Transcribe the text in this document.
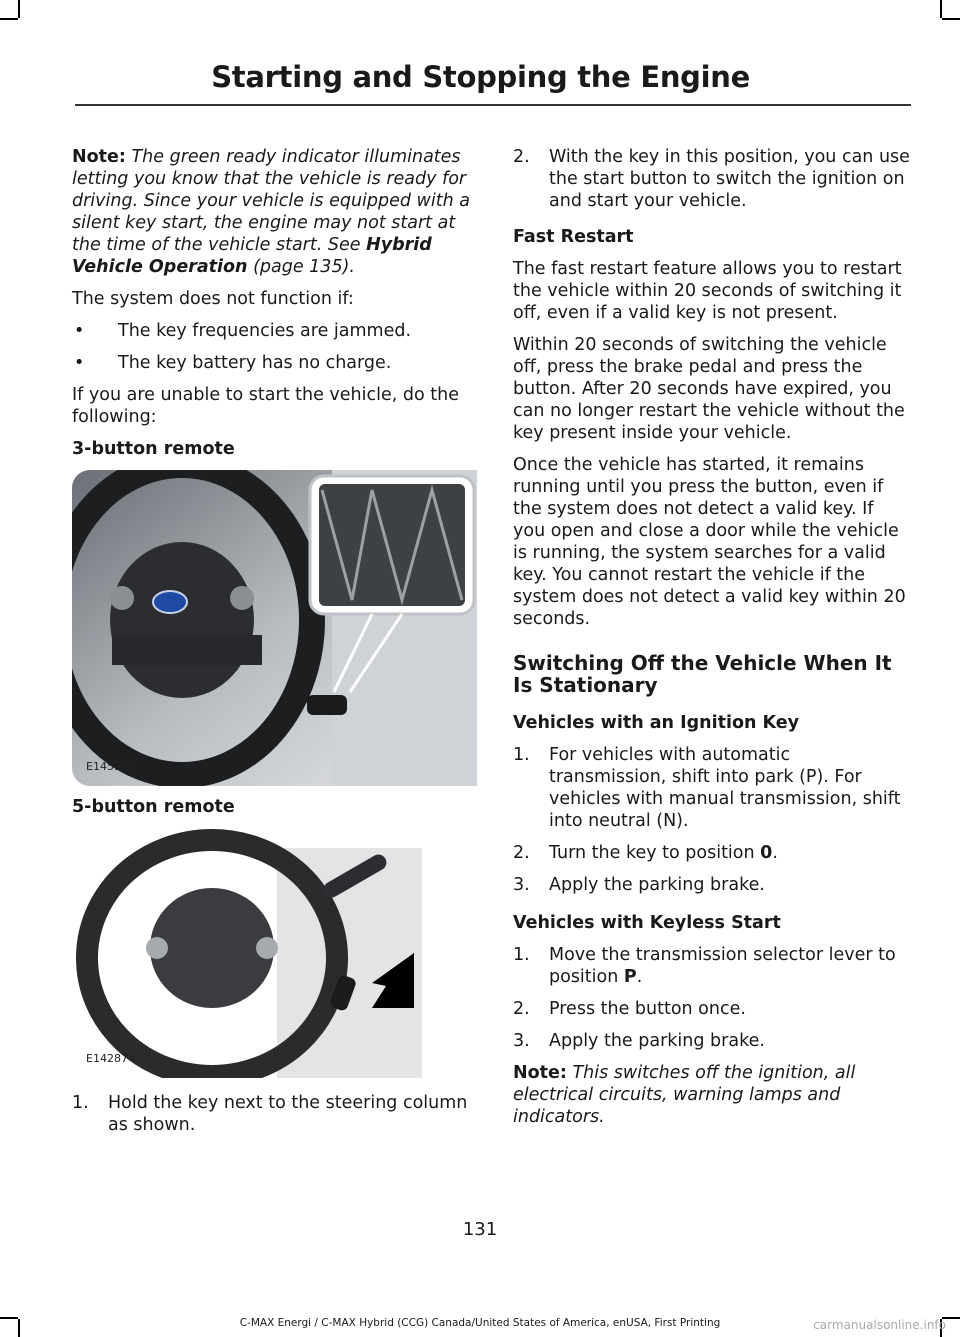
Starting and Stopping the Engine

Note: The green ready indicator illuminates letting you know that the vehicle is ready for driving. Since your vehicle is equipped with a silent key start, the engine may not start at the time of the vehicle start. See Hybrid Vehicle Operation (page 135).

The system does not function if:

•	The key frequencies are jammed.
•	The key battery has no charge.

If you are unable to start the vehicle, do the following:

3-button remote
E145988
5-button remote
E142874
1.	Hold the key next to the steering column as shown.
2.	With the key in this position, you can use the start button to switch the ignition on and start your vehicle.
Fast Restart

The fast restart feature allows you to restart the vehicle within 20 seconds of switching it off, even if a valid key is not present.

Within 20 seconds of switching the vehicle off, press the brake pedal and press the button. After 20 seconds have expired, you can no longer restart the vehicle without the key present inside your vehicle.

Once the vehicle has started, it remains running until you press the button, even if the system does not detect a valid key. If you open and close a door while the vehicle is running, the system searches for a valid key. You cannot restart the vehicle if the system does not detect a valid key within 20 seconds.

Switching Off the Vehicle When It Is Stationary
Vehicles with an Ignition Key
1.	For vehicles with automatic transmission, shift into park (P). For vehicles with manual transmission, shift into neutral (N).
2.	Turn the key to position 0.
3.	Apply the parking brake.
Vehicles with Keyless Start
1.	Move the transmission selector lever to position P.
2.	Press the button once.
3.	Apply the parking brake.

Note: This switches off the ignition, all electrical circuits, warning lamps and indicators.

131
C-MAX Energi / C-MAX Hybrid (CCG) Canada/United States of America, enUSA, First Printing	carmanualsonline.info
